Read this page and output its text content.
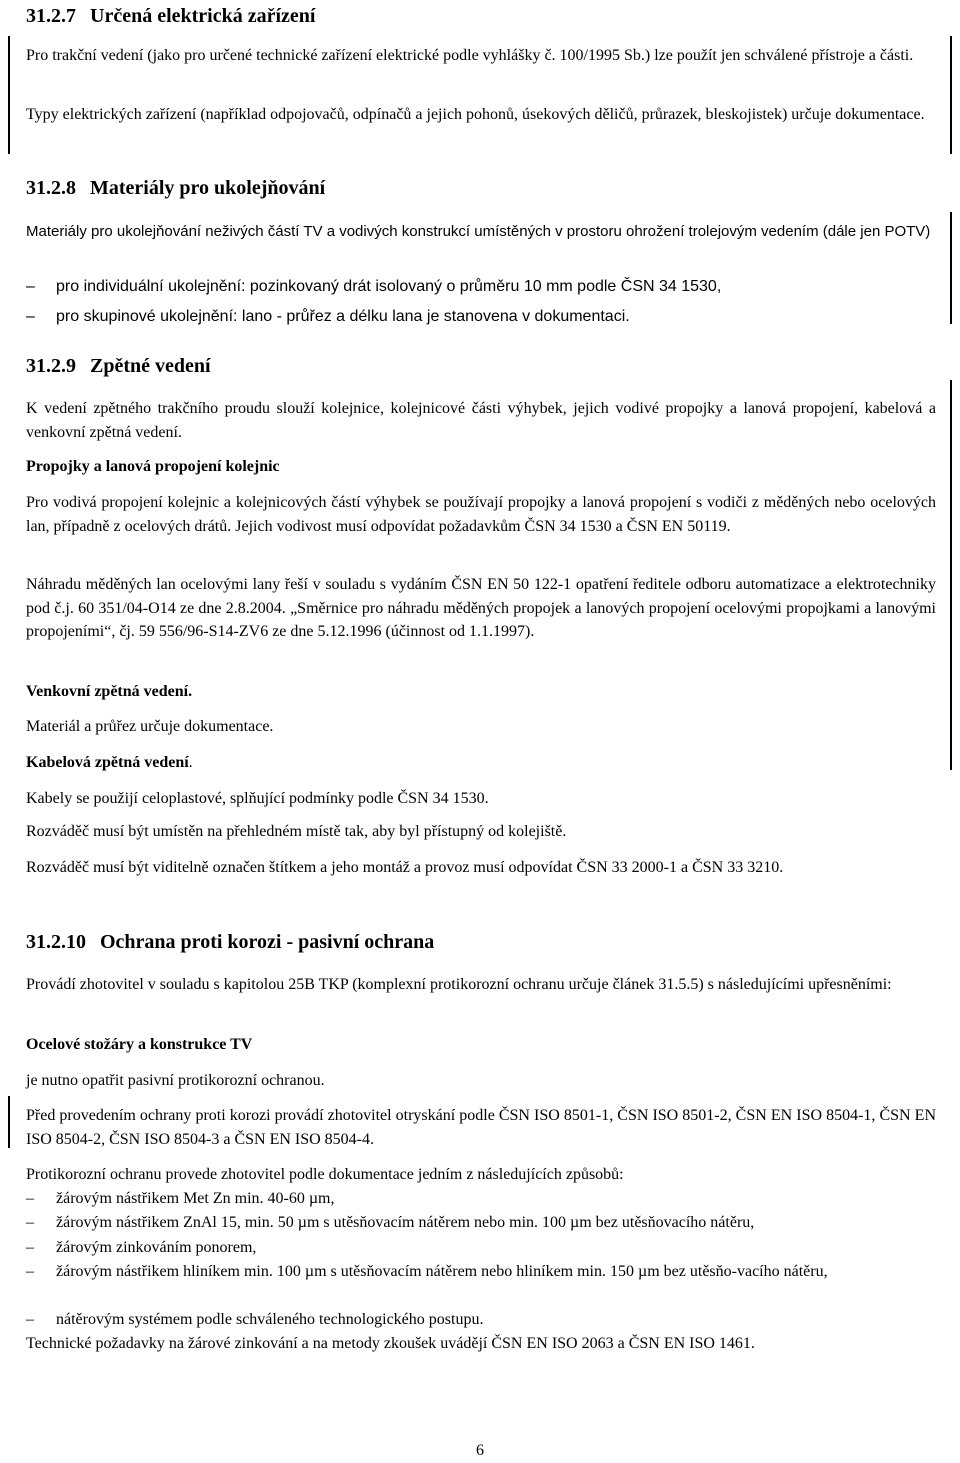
31.2.7 Určená elektrická zařízení
Pro trakční vedení (jako pro určené technické zařízení elektrické podle vyhlášky č. 100/1995 Sb.) lze použít jen schválené přístroje a části.
Typy elektrických zařízení (například odpojovačů, odpínačů a jejich pohonů, úsekových děličů, průrazek, bleskojistek) určuje dokumentace.
31.2.8 Materiály pro ukolejňování
Materiály pro ukolejňování neživých částí TV a vodivých konstrukcí umístěných v prostoru ohrožení trolejovým vedením (dále jen POTV)
– pro individuální ukolejnění: pozinkovaný drát isolovaný o průměru 10 mm podle ČSN 34 1530,
– pro skupinové ukolejnění: lano - průřez a délku lana je stanovena v dokumentaci.
31.2.9 Zpětné vedení
K vedení zpětného trakčního proudu slouží kolejnice, kolejnicové části výhybek, jejich vodivé propojky a lanová propojení, kabelová a venkovní zpětná vedení.
Propojky a lanová propojení kolejnic
Pro vodivá propojení kolejnic a kolejnicových částí výhybek se používají propojky a lanová propojení s vodiči z měděných nebo ocelových lan, případně z ocelových drátů. Jejich vodivost musí odpovídat požadavkům ČSN 34 1530 a ČSN EN 50119.
Náhradu měděných lan ocelovými lany řeší v souladu s vydáním ČSN EN 50 122-1 opatření ředitele odboru automatizace a elektrotechniky pod č.j. 60 351/04-O14 ze dne 2.8.2004. „Směrnice pro náhradu měděných propojek a lanových propojení ocelovými propojkami a lanovými propojeními“, čj. 59 556/96-S14-ZV6 ze dne 5.12.1996 (účinnost od 1.1.1997).
Venkovní zpětná vedení.
Materiál a průřez určuje dokumentace.
Kabelová zpětná vedení.
Kabely se použijí celoplastové, splňující podmínky podle ČSN 34 1530.
Rozváděč musí být umístěn na přehledném místě tak, aby byl přístupný od kolejiště.
Rozváděč musí být viditelně označen štítkem a jeho montáž a provoz musí odpovídat ČSN 33 2000-1 a ČSN 33 3210.
31.2.10 Ochrana proti korozi - pasivní ochrana
Provádí zhotovitel v souladu s kapitolou 25B TKP (komplexní protikorozní ochranu určuje článek 31.5.5) s následujícími upřesněními:
Ocelové stožáry a konstrukce TV
je nutno opatřit pasivní protikorozní ochranou.
Před provedením ochrany proti korozi provádí zhotovitel otryskání podle ČSN ISO 8501-1, ČSN ISO 8501-2, ČSN EN ISO 8504-1, ČSN EN ISO 8504-2, ČSN ISO 8504-3 a ČSN EN ISO 8504-4.
Protikorozní ochranu provede zhotovitel podle dokumentace jedním z následujících způsobů:
– žárovým nástřikem Met Zn min. 40-60 µm,
– žárovým nástřikem ZnAl 15, min. 50 µm s utěsňovacím nátěrem nebo min. 100 µm bez utěsňovacího nátěru,
– žárovým zinkováním ponorem,
– žárovým nástřikem hliníkem min. 100 µm s utěsňovacím nátěrem nebo hliníkem min. 150 µm bez utěsňo-vacího nátěru,
– nátěrovým systémem podle schváleného technologického postupu.
Technické požadavky na žárové zinkování a na metody zkoušek uvádějí ČSN EN ISO 2063 a ČSN EN ISO 1461.
6
